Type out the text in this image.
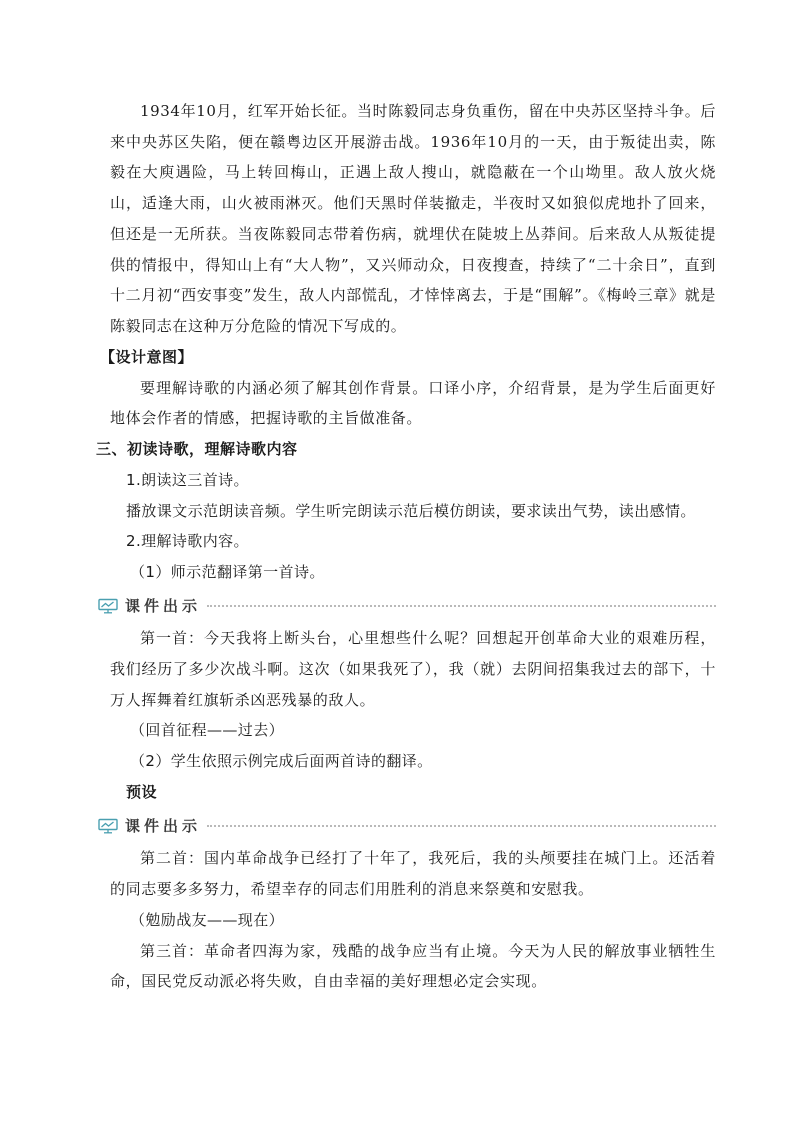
1934年10月，红军开始长征。当时陈毅同志身负重伤，留在中央苏区坚持斗争。后来中央苏区失陷，便在赣粤边区开展游击战。1936年10月的一天，由于叛徒出卖，陈毅在大庾遇险，马上转回梅山，正遇上敌人搜山，就隐蔽在一个山坳里。敌人放火烧山，适逢大雨，山火被雨淋灭。他们天黑时佯装撤走，半夜时又如狼似虎地扑了回来，但还是一无所获。当夜陈毅同志带着伤病，就埋伏在陡坡上丛莽间。后来敌人从叛徒提供的情报中，得知山上有“大人物”，又兴师动众，日夜搜查，持续了“二十余日”，直到十二月初“西安事变”发生，敌人内部慌乱，才悻悻离去，于是“围解”。《梅岭三章》就是陈毅同志在这种万分危险的情况下写成的。

【设计意图】

要理解诗歌的内涵必须了解其创作背景。口译小序，介绍背景，是为学生后面更好地体会作者的情感，把握诗歌的主旨做准备。

三、初读诗歌，理解诗歌内容

1.朗读这三首诗。

播放课文示范朗读音频。学生听完朗读示范后模仿朗读，要求读出气势，读出感情。

2.理解诗歌内容。

（1）师示范翻译第一首诗。

课件出示

第一首：今天我将上断头台，心里想些什么呢？回想起开创革命大业的艰难历程，我们经历了多少次战斗啊。这次（如果我死了），我（就）去阴间招集我过去的部下，十万人挥舞着红旗斩杀凶恶残暴的敌人。

（回首征程——过去）

（2）学生依照示例完成后面两首诗的翻译。

预设

课件出示

第二首：国内革命战争已经打了十年了，我死后，我的头颅要挂在城门上。还活着的同志要多多努力，希望幸存的同志们用胜利的消息来祭奠和安慰我。

（勉励战友——现在）

第三首：革命者四海为家，残酷的战争应当有止境。今天为人民的解放事业牺牲生命，国民党反动派必将失败，自由幸福的美好理想必定会实现。
